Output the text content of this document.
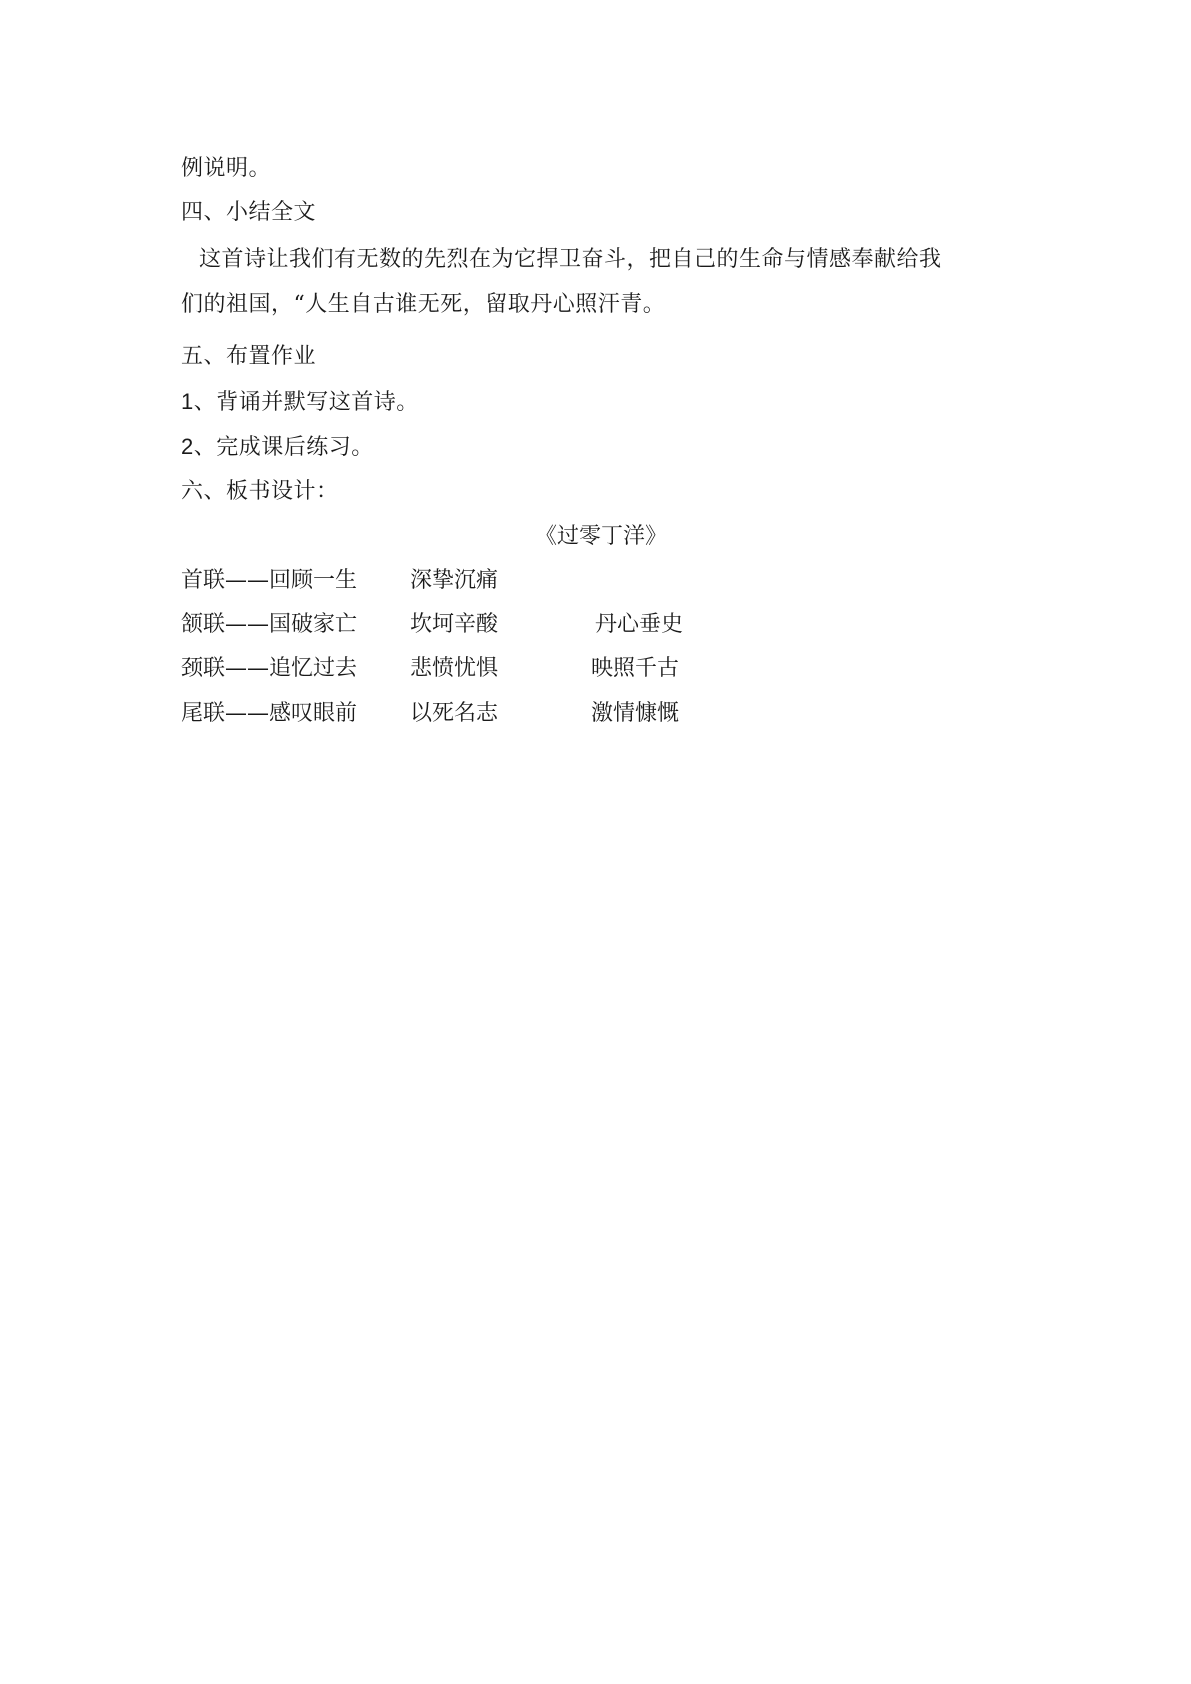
例说明。
四、小结全文
这首诗让我们有无数的先烈在为它捍卫奋斗，把自己的生命与情感奉献给我
们的祖国，“人生自古谁无死，留取丹心照汗青。
五、布置作业
1、背诵并默写这首诗。
2、完成课后练习。
六、板书设计：
《过零丁洋》
首联——回顾一生 深挚沉痛
颔联——国破家亡 坎坷辛酸	丹心垂史
颈联——追忆过去 悲愤忧惧	映照千古
尾联——感叹眼前 以死名志	激情慷慨
